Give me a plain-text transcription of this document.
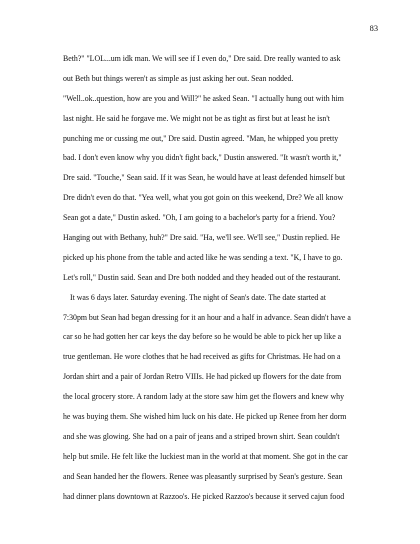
83
Beth?" "LOL...um idk man. We will see if I even do," Dre said. Dre really wanted to ask
out Beth but things weren't as simple as just asking her out. Sean nodded.
"Well..ok..question, how are you and Will?" he asked Sean. "I actually hung out with him
last night. He said he forgave me. We might not be as tight as first but at least he isn't
punching me or cussing me out," Dre said. Dustin agreed. "Man, he whipped you pretty
bad. I don't even know why you didn't fight back," Dustin answered. "It wasn't worth it,"
Dre said. "Touche," Sean said. If it was Sean, he would have at least defended himself but
Dre didn't even do that. "Yea well, what you got goin on this weekend, Dre? We all know
Sean got a date," Dustin asked. "Oh, I am going to a bachelor's party for a friend. You?
Hanging out with Bethany, huh?" Dre said. "Ha, we'll see. We'll see," Dustin replied. He
picked up his phone from the table and acted like he was sending a text. "K, I have to go.
Let's roll," Dustin said. Sean and Dre both nodded and they headed out of the restaurant.
It was 6 days later. Saturday evening. The night of Sean's date. The date started at
7:30pm but Sean had began dressing for it an hour and a half in advance. Sean didn't have a
car so he had gotten her car keys the day before so he would be able to pick her up like a
true gentleman. He wore clothes that he had received as gifts for Christmas. He had on a
Jordan shirt and a pair of Jordan Retro VIIIs. He had picked up flowers for the date from
the local grocery store. A random lady at the store saw him get the flowers and knew why
he was buying them. She wished him luck on his date. He picked up Renee from her dorm
and she was glowing. She had on a pair of jeans and a striped brown shirt. Sean couldn't
help but smile. He felt like the luckiest man in the world at that moment. She got in the car
and Sean handed her the flowers. Renee was pleasantly surprised by Sean's gesture. Sean
had dinner plans downtown at Razzoo's. He picked Razzoo's because it served cajun food
